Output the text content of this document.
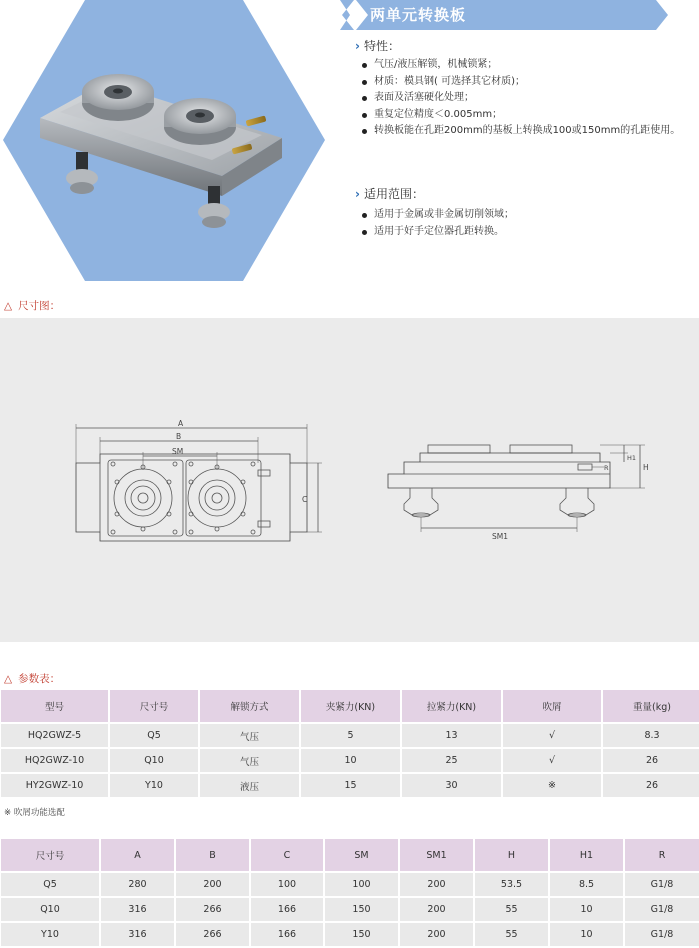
两单元转换板
› 特性：
气压/液压解锁，机械锁紧；
材质：模具钢( 可选择其它材质)；
表面及活塞硬化处理；
重复定位精度＜0.005mm；
转换板能在孔距200mm的基板上转换成100或150mm的孔距使用。
› 适用范围：
适用于金属或非金属切削领域；
适用于好手定位器孔距转换。
△ 尺寸图：
A
B
SM
C
SM1
H
H1
R
△ 参数表：
型号	尺寸号	解锁方式	夹紧力(KN)	拉紧力(KN)	吹屑	重量(kg)
HQ2GWZ-5	Q5	气压	5	13	√	8.3
HQ2GWZ-10	Q10	气压	10	25	√	26
HY2GWZ-10	Y10	液压	15	30	※	26
※ 吹屑功能选配
尺寸号	A	B	C	SM	SM1	H	H1	R
Q5	280	200	100	100	200	53.5	8.5	G1/8
Q10	316	266	166	150	200	55	10	G1/8
Y10	316	266	166	150	200	55	10	G1/8
